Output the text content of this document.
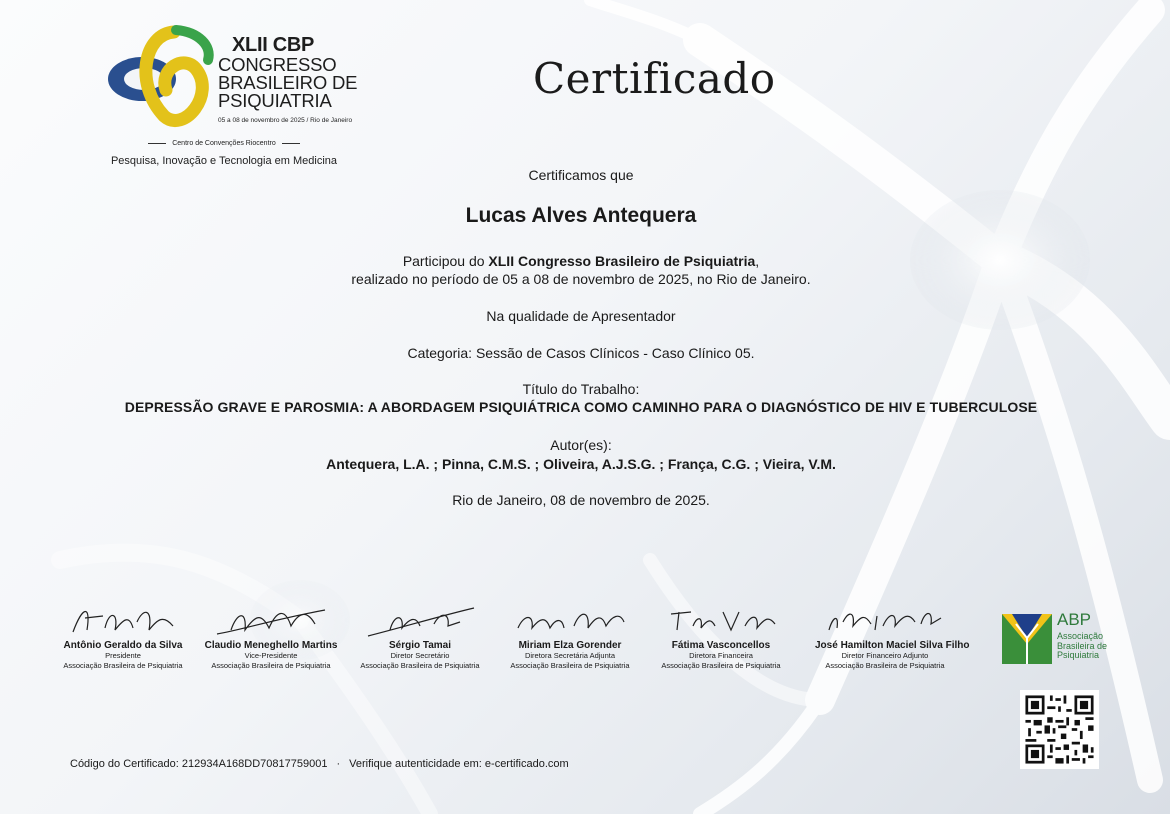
XLII CBP
CONGRESSO
BRASILEIRO DE
PSIQUIATRIA
05 a 08 de novembro de 2025 / Rio de Janeiro
Centro de Convenções Riocentro
Pesquisa, Inovação e Tecnologia em Medicina
Certificado
Certificamos que
Lucas Alves Antequera
Participou do XLII Congresso Brasileiro de Psiquiatria,
realizado no período de 05 a 08 de novembro de 2025, no Rio de Janeiro.
Na qualidade de Apresentador
Categoria: Sessão de Casos Clínicos - Caso Clínico 05.
Título do Trabalho:
DEPRESSÃO GRAVE E PAROSMIA: A ABORDAGEM PSIQUIÁTRICA COMO CAMINHO PARA O DIAGNÓSTICO DE HIV E TUBERCULOSE
Autor(es):
Antequera, L.A. ; Pinna, C.M.S. ; Oliveira, A.J.S.G. ; França, C.G. ; Vieira, V.M.
Rio de Janeiro, 08 de novembro de 2025.
Antônio Geraldo da Silva
Presidente
Associação Brasileira de Psiquiatria
Claudio Meneghello Martins
Vice-Presidente
Associação Brasileira de Psiquiatria
Sérgio Tamai
Diretor Secretário
Associação Brasileira de Psiquiatria
Miriam Elza Gorender
Diretora Secretária Adjunta
Associação Brasileira de Psiquiatria
Fátima Vasconcellos
Diretora Financeira
Associação Brasileira de Psiquiatria
José Hamilton Maciel Silva Filho
Diretor Financeiro Adjunto
Associação Brasileira de Psiquiatria
ABP
Associação
Brasileira de
Psiquiatria
Código do Certificado: 212934A168DD70817759001 · Verifique autenticidade em: e-certificado.com
